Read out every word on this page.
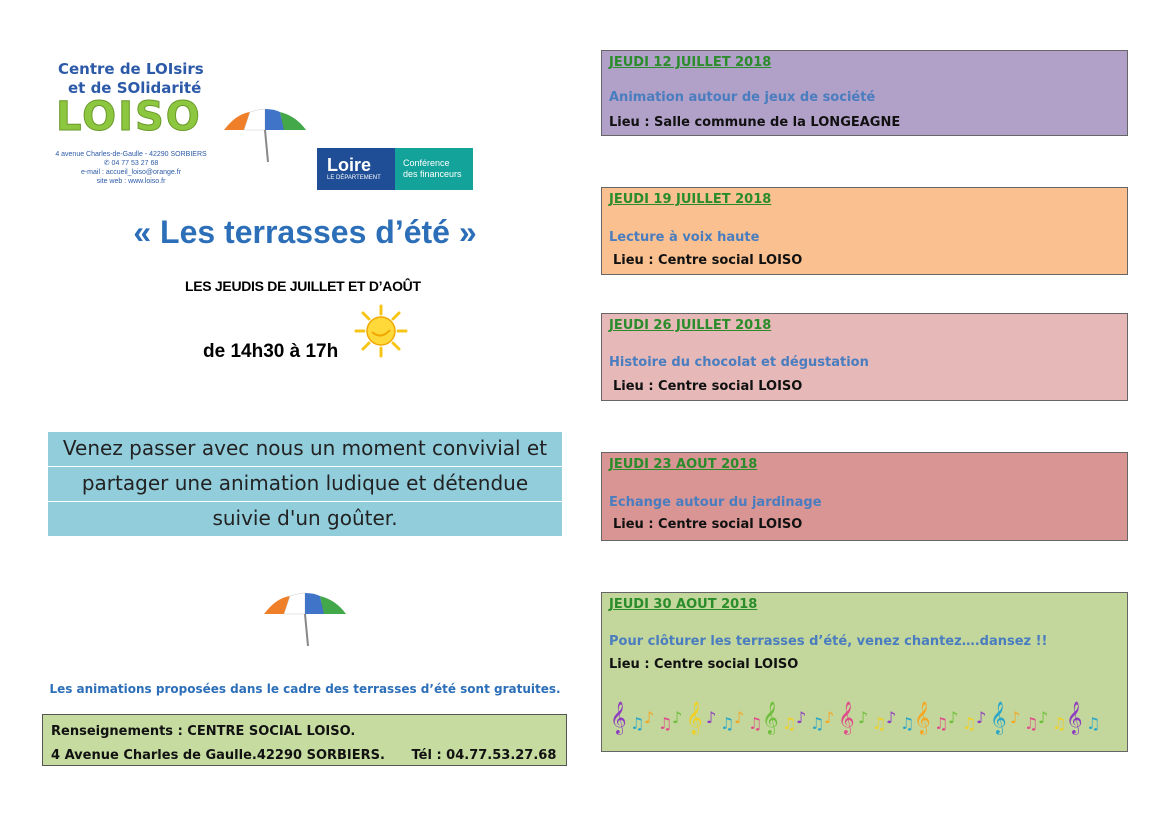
Centre de LOIsirs
et de SOlidarité
LOISO
4 avenue Charles-de-Gaulle - 42290 SORBIERS
✆ 04 77 53 27 68
e-mail : accueil_loiso@orange.fr
site web : www.loiso.fr
Loire
LE DÉPARTEMENT
Conférence
des financeurs
« Les terrasses d’été »
LES JEUDIS DE JUILLET ET D’AOÛT
de 14h30 à 17h
Venez passer avec nous un moment convivial et
partager une animation ludique et détendue
suivie d'un goûter.
Les animations proposées dans le cadre des terrasses d’été sont gratuites.
Renseignements : CENTRE SOCIAL LOISO.
4 Avenue Charles de Gaulle.42290 SORBIERS. Tél : 04.77.53.27.68
JEUDI 12 JUILLET 2018
Animation autour de jeux de société
Lieu : Salle commune de la LONGEAGNE
JEUDI 19 JUILLET 2018
Lecture à voix haute
Lieu : Centre social LOISO
JEUDI 26 JUILLET 2018
Histoire du chocolat et dégustation
Lieu : Centre social LOISO
JEUDI 23 AOUT 2018
Echange autour du jardinage
Lieu : Centre social LOISO
JEUDI 30 AOUT 2018
Pour clôturer les terrasses d’été, venez chantez….dansez !!
Lieu : Centre social LOISO
𝄞 ♫ ♪ ♫ ♪ 𝄞 ♪ ♫ ♪ ♫ 𝄞 ♫ ♪ ♫ ♪ 𝄞 ♪ ♫ ♪ ♫ 𝄞 ♫ ♪ ♫ ♪ 𝄞 ♪ ♫ ♪ ♫ 𝄞 ♫
